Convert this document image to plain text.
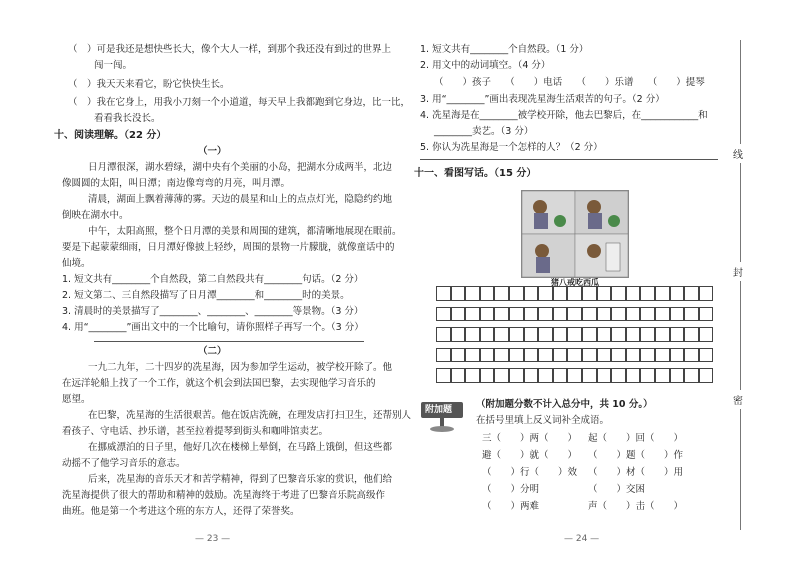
（　）可是我还是想快些长大，像个大人一样，到那个我还没有到过的世界上
闯一闯。
（　）我天天来看它，盼它快快生长。
（　）我在它身上，用我小刀刻一个小道道，每天早上我都跑到它身边，比一比，
看看我长没长。
十、阅读理解。（22 分）
（一）
日月潭很深，湖水碧绿，湖中央有个美丽的小岛，把湖水分成两半，北边
像圆圆的太阳，叫日潭；南边像弯弯的月亮，叫月潭。
清晨，湖面上飘着薄薄的雾。天边的晨星和山上的点点灯光，隐隐约约地
倒映在湖水中。
中午，太阳高照，整个日月潭的美景和周围的建筑，都清晰地展现在眼前。
要是下起蒙蒙细雨，日月潭好像披上轻纱，周围的景物一片朦胧，就像童话中的
仙境。
1. 短文共有________个自然段，第二自然段共有________句话。（2 分）
2. 短文第二、三自然段描写了日月潭________和________时的美景。
3. 清晨时的美景描写了________、________、________等景物。（3 分）
4. 用“________”画出文中的一个比喻句，请你照样子再写一个。（3 分）
（二）
一九二九年，二十四岁的冼星海，因为参加学生运动，被学校开除了。他
在远洋轮船上找了一个工作，就这个机会到法国巴黎，去实现他学习音乐的
愿望。
在巴黎，冼星海的生活很艰苦。他在饭店洗碗，在理发店打扫卫生，还帮别人
看孩子、守电话、抄乐谱，甚至拉着提琴到街头和咖啡馆卖艺。
在挪威漂泊的日子里，他好几次在楼梯上晕倒，在马路上饿倒，但这些都
动摇不了他学习音乐的意志。
后来，冼星海的音乐天才和苦学精神，得到了巴黎音乐家的赏识，他们给
洗星海提供了很大的帮助和精神的鼓励。冼星海终于考进了巴黎音乐院高级作
曲班。他是第一个考进这个班的东方人，还得了荣誉奖。
— 23 —
1. 短文共有________个自然段。（1 分）
2. 用文中的动词填空。（4 分）
（　　）孩子　　（　　）电话　　（　　）乐谱　　（　　）提琴
3. 用“________”画出表现冼星海生活艰苦的句子。（2 分）
4. 冼星海是在________被学校开除，他去巴黎后，在____________和
________卖艺。（3 分）
5. 你认为冼星海是一个怎样的人？（2 分）
十一、看图写话。（15 分）
猪八戒吃西瓜
附加题	（附加题分数不计入总分中，共 10 分。）
在括号里填上反义词补全成语。
三（　　）两（　　） 起（　　）回（　　）
避（　　）就（　　） （　　）题（　　）作
（　　）行（　　）效 （　　）材（　　）用
（　　）分明	（　　）交困
（　　）两难	声（　　）击（　　）
— 24 —
线
封
密
